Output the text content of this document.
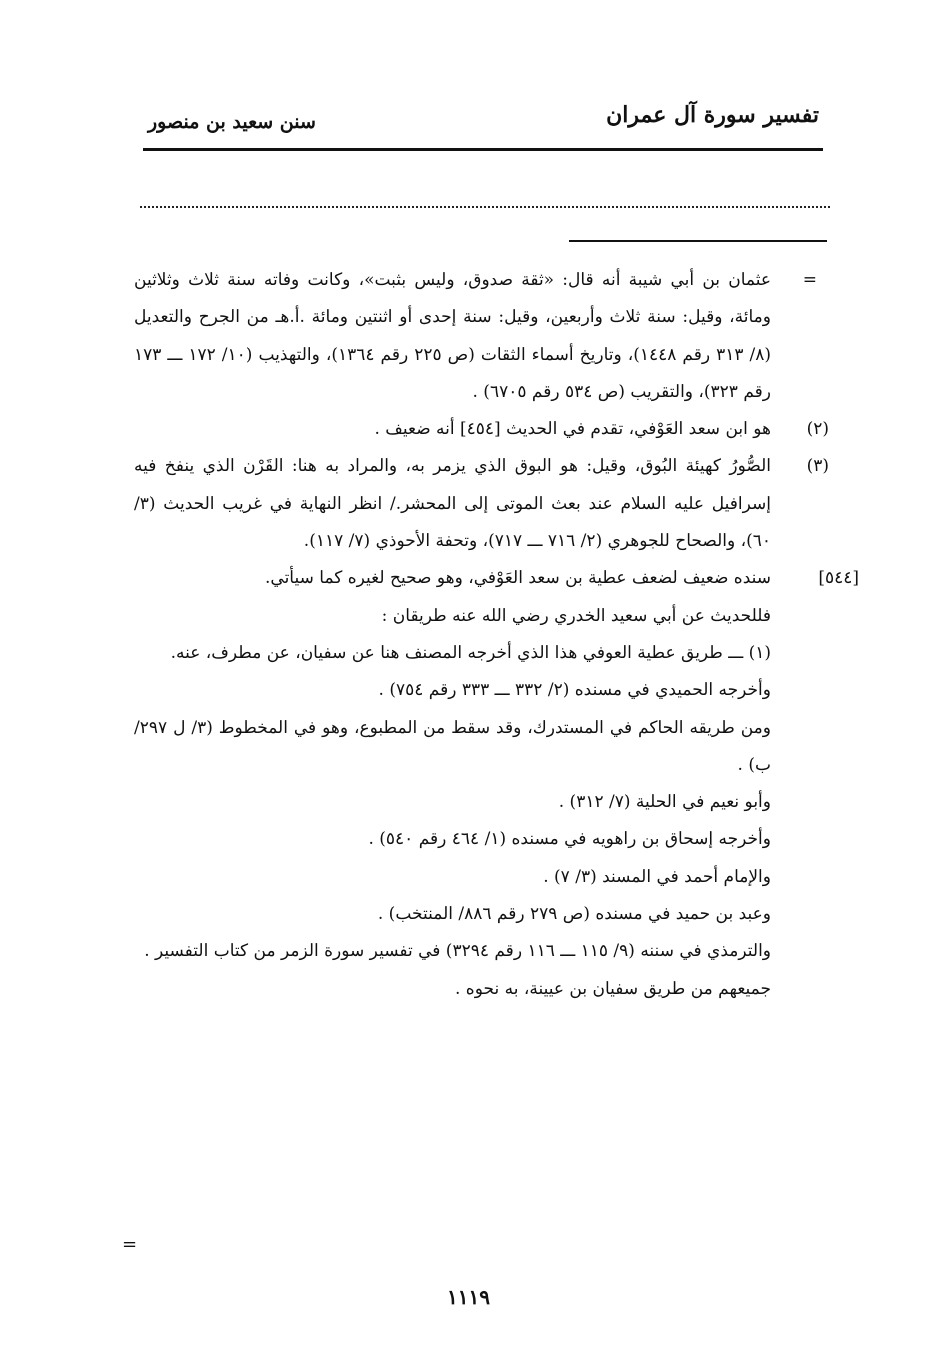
تفسير سورة آل عمران
سنن سعيد بن منصور
=
عثمان بن أبي شيبة أنه قال: «ثقة صدوق، وليس بثبت»، وكانت وفاته سنة ثلاث وثلاثين ومائة، وقيل: سنة ثلاث وأربعين، وقيل: سنة إحدى أو اثنتين ومائة .أ.هـ من الجرح والتعديل (٨/ ٣١٣ رقم ١٤٤٨)، وتاريخ أسماء الثقات (ص ٢٢٥ رقم ١٣٦٤)، والتهذيب (١٠/ ١٧٢ ـــ ١٧٣ رقم ٣٢٣)، والتقريب (ص ٥٣٤ رقم ٦٧٠٥) .
(٢)
هو ابن سعد العَوْفي، تقدم في الحديث [٤٥٤] أنه ضعيف .
(٣)
الصُّورُ كهيئة البُوق، وقيل: هو البوق الذي يزمر به، والمراد به هنا: القَرْن الذي ينفخ فيه إسرافيل عليه السلام عند بعث الموتى إلى المحشر./ انظر النهاية في غريب الحديث (٣/ ٦٠)، والصحاح للجوهري (٢/ ٧١٦ ـــ ٧١٧)، وتحفة الأحوذي (٧/ ١١٧).
[٥٤٤]
سنده ضعيف لضعف عطية بن سعد العَوْفي، وهو صحيح لغيره كما سيأتي.
فللحديث عن أبي سعيد الخدري رضي الله عنه طريقان :
(١) ـــ طريق عطية العوفي هذا الذي أخرجه المصنف هنا عن سفيان، عن مطرف، عنه.
وأخرجه الحميدي في مسنده (٢/ ٣٣٢ ـــ ٣٣٣ رقم ٧٥٤) .
ومن طريقه الحاكم في المستدرك، وقد سقط من المطبوع، وهو في المخطوط (٣/ ل ٢٩٧/ ب) .
وأبو نعيم في الحلية (٧/ ٣١٢) .
وأخرجه إسحاق بن راهويه في مسنده (١/ ٤٦٤ رقم ٥٤٠) .
والإمام أحمد في المسند (٣/ ٧) .
وعبد بن حميد في مسنده (ص ٢٧٩ رقم ٨٨٦/ المنتخب) .
والترمذي في سننه (٩/ ١١٥ ـــ ١١٦ رقم ٣٢٩٤) في تفسير سورة الزمر من كتاب التفسير .
جميعهم من طريق سفيان بن عيينة، به نحوه .
=
١١١٩
